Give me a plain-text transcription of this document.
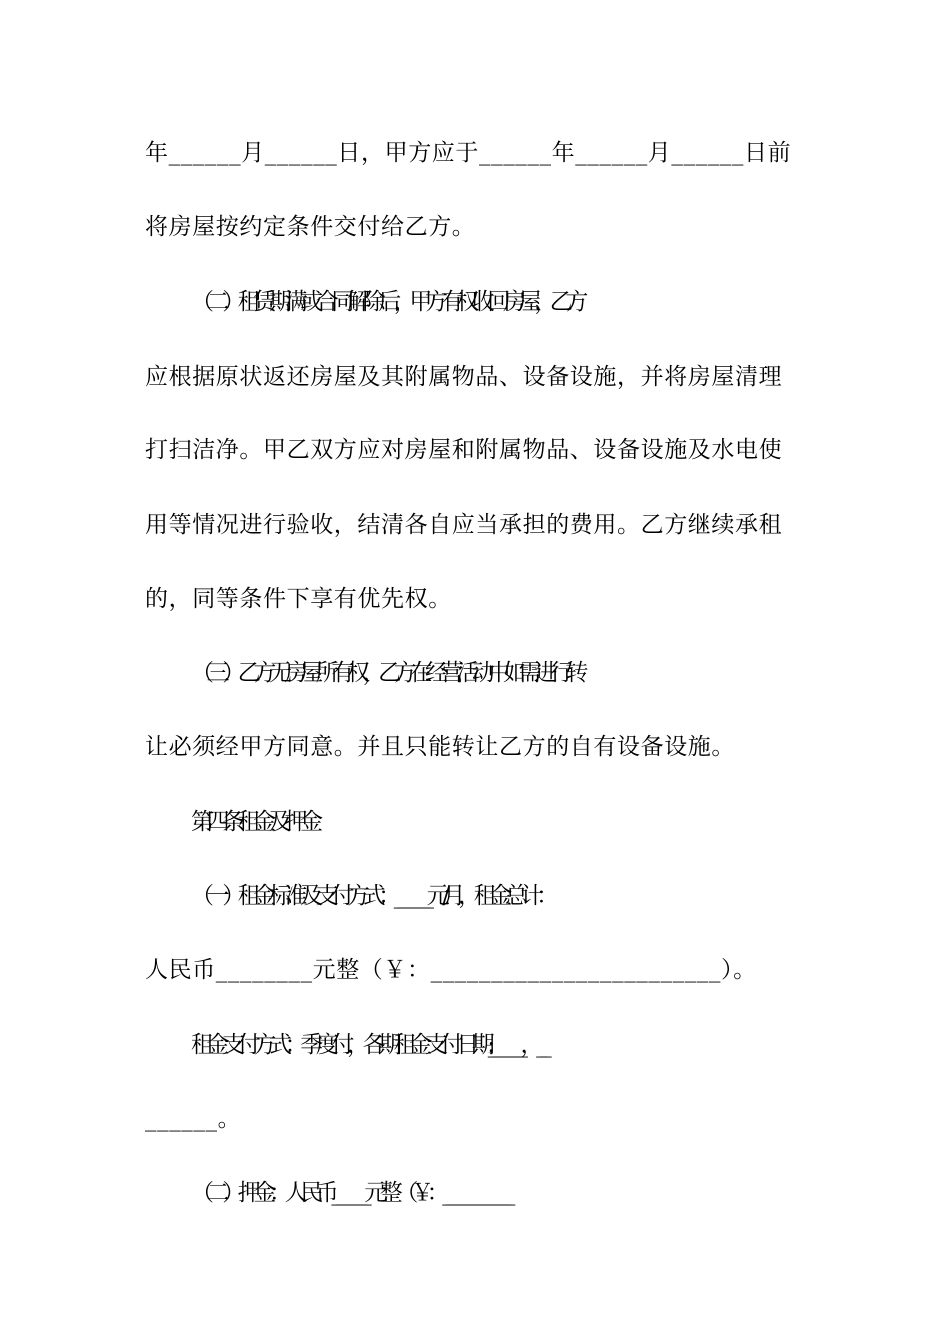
年______月______日，甲方应于______年______月______日前
将房屋按约定条件交付给乙方。
（二）租赁期满或合同解除后，甲方有权收回房屋，乙方
应根据原状返还房屋及其附属物品、设备设施，并将房屋清理
打扫洁净。甲乙双方应对房屋和附属物品、设备设施及水电使
用等情况进行验收，结清各自应当承担的费用。乙方继续承租
的，同等条件下享有优先权。
（三）乙方无房屋所有权，乙方在经营活动中如需进行转
让必须经甲方同意。并且只能转让乙方的自有设备设施。
第四条 租金及押金
（一）租金标准及支付方式：________元/月，租金总计：
人民币________元整（￥：________________________）。
租金支付方式：季度付，各期租金支付日期:________，__
______。
（二）押金：人民币________元整（￥：________________
